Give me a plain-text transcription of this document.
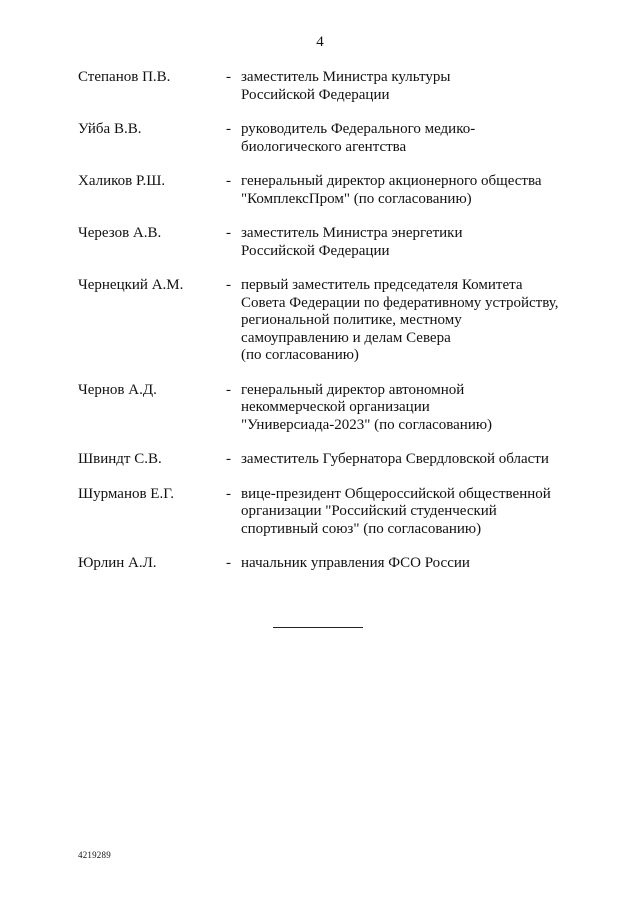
4
Степанов П.В.	- заместитель Министра культуры
Российской Федерации
Уйба В.В.	- руководитель Федерального медико-
биологического агентства
Халиков Р.Ш.	- генеральный директор акционерного общества
"КомплексПром" (по согласованию)
Черезов А.В.	- заместитель Министра энергетики
Российской Федерации
Чернецкий А.М.	- первый заместитель председателя Комитета
Совета Федерации по федеративному устройству,
региональной политике, местному
самоуправлению и делам Севера
(по согласованию)
Чернов А.Д.	- генеральный директор автономной
некоммерческой организации
"Универсиада-2023" (по согласованию)
Швиндт С.В.	- заместитель Губернатора Свердловской области
Шурманов Е.Г.	- вице-президент Общероссийской общественной
организации "Российский студенческий
спортивный союз" (по согласованию)
Юрлин А.Л.	- начальник управления ФСО России
4219289
